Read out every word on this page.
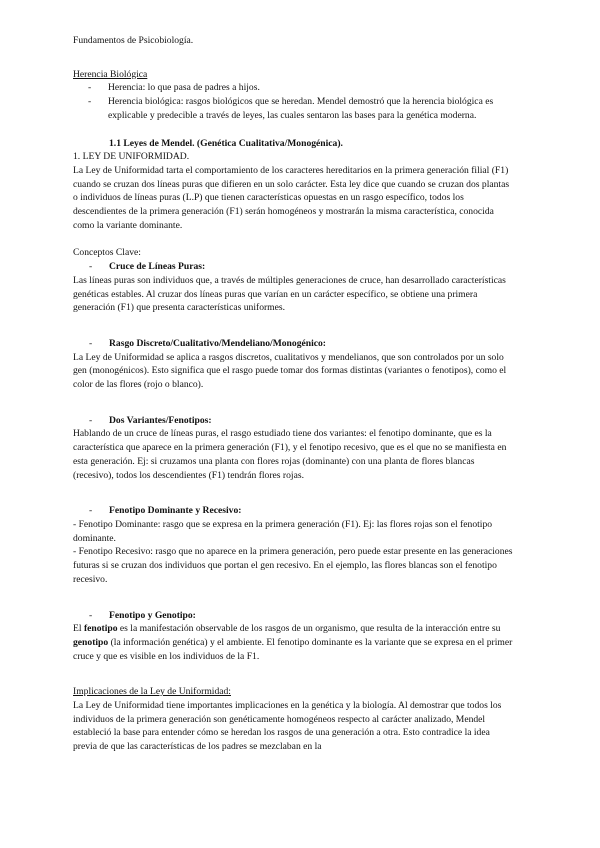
Fundamentos de Psicobiología.

Herencia Biológica

- Herencia: lo que pasa de padres a hijos.
- Herencia biológica: rasgos biológicos que se heredan. Mendel demostró que la herencia biológica es explicable y predecible a través de leyes, las cuales sentaron las bases para la genética moderna.

1.1 Leyes de Mendel. (Genética Cualitativa/Monogénica).

1. LEY DE UNIFORMIDAD.

La Ley de Uniformidad tarta el comportamiento de los caracteres hereditarios en la primera generación filial (F1) cuando se cruzan dos líneas puras que difieren en un solo carácter. Esta ley dice que cuando se cruzan dos plantas o individuos de líneas puras (L.P) que tienen características opuestas en un rasgo específico, todos los descendientes de la primera generación (F1) serán homogéneos y mostrarán la misma característica, conocida como la variante dominante.

Conceptos Clave:

- Cruce de Líneas Puras:

Las líneas puras son individuos que, a través de múltiples generaciones de cruce, han desarrollado características genéticas estables. Al cruzar dos líneas puras que varían en un carácter específico, se obtiene una primera generación (F1) que presenta características uniformes.

- Rasgo Discreto/Cualitativo/Mendeliano/Monogénico:

La Ley de Uniformidad se aplica a rasgos discretos, cualitativos y mendelianos, que son controlados por un solo gen (monogénicos). Esto significa que el rasgo puede tomar dos formas distintas (variantes o fenotipos), como el color de las flores (rojo o blanco).

- Dos Variantes/Fenotipos:

Hablando de un cruce de líneas puras, el rasgo estudiado tiene dos variantes: el fenotipo dominante, que es la característica que aparece en la primera generación (F1), y el fenotipo recesivo, que es el que no se manifiesta en esta generación. Ej: si cruzamos una planta con flores rojas (dominante) con una planta de flores blancas (recesivo), todos los descendientes (F1) tendrán flores rojas.

- Fenotipo Dominante y Recesivo:

- Fenotipo Dominante: rasgo que se expresa en la primera generación (F1). Ej: las flores rojas son el fenotipo dominante.

- Fenotipo Recesivo: rasgo que no aparece en la primera generación, pero puede estar presente en las generaciones futuras si se cruzan dos individuos que portan el gen recesivo. En el ejemplo, las flores blancas son el fenotipo recesivo.

- Fenotipo y Genotipo:

El fenotipo es la manifestación observable de los rasgos de un organismo, que resulta de la interacción entre su genotipo (la información genética) y el ambiente. El fenotipo dominante es la variante que se expresa en el primer cruce y que es visible en los individuos de la F1.

Implicaciones de la Ley de Uniformidad:

La Ley de Uniformidad tiene importantes implicaciones en la genética y la biología. Al demostrar que todos los individuos de la primera generación son genéticamente homogéneos respecto al carácter analizado, Mendel estableció la base para entender cómo se heredan los rasgos de una generación a otra. Esto contradice la idea previa de que las características de los padres se mezclaban en la
